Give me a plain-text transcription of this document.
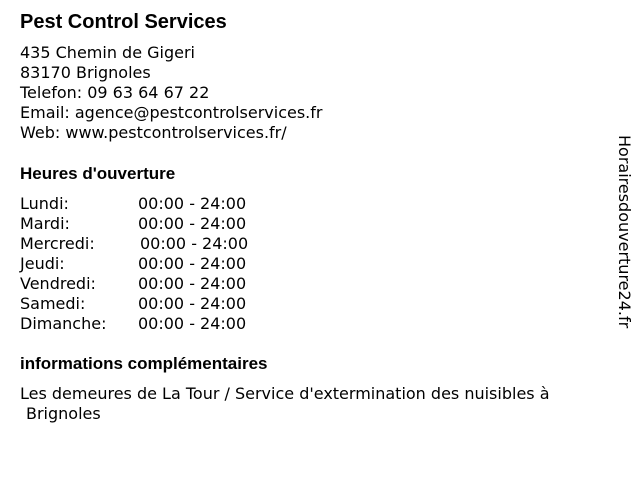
Pest Control Services
435 Chemin de Gigeri
83170 Brignoles
Telefon: 09 63 64 67 22
Email: agence@pestcontrolservices.fr
Web: www.pestcontrolservices.fr/
Heures d'ouverture
Lundi:	00:00 - 24:00
Mardi:	00:00 - 24:00
Mercredi:	00:00 - 24:00
Jeudi:	00:00 - 24:00
Vendredi:	00:00 - 24:00
Samedi:	00:00 - 24:00
Dimanche: 00:00 - 24:00
informations complémentaires
Les demeures de La Tour / Service d'extermination des nuisibles à
Brignoles
Horairesdouverture24.fr
